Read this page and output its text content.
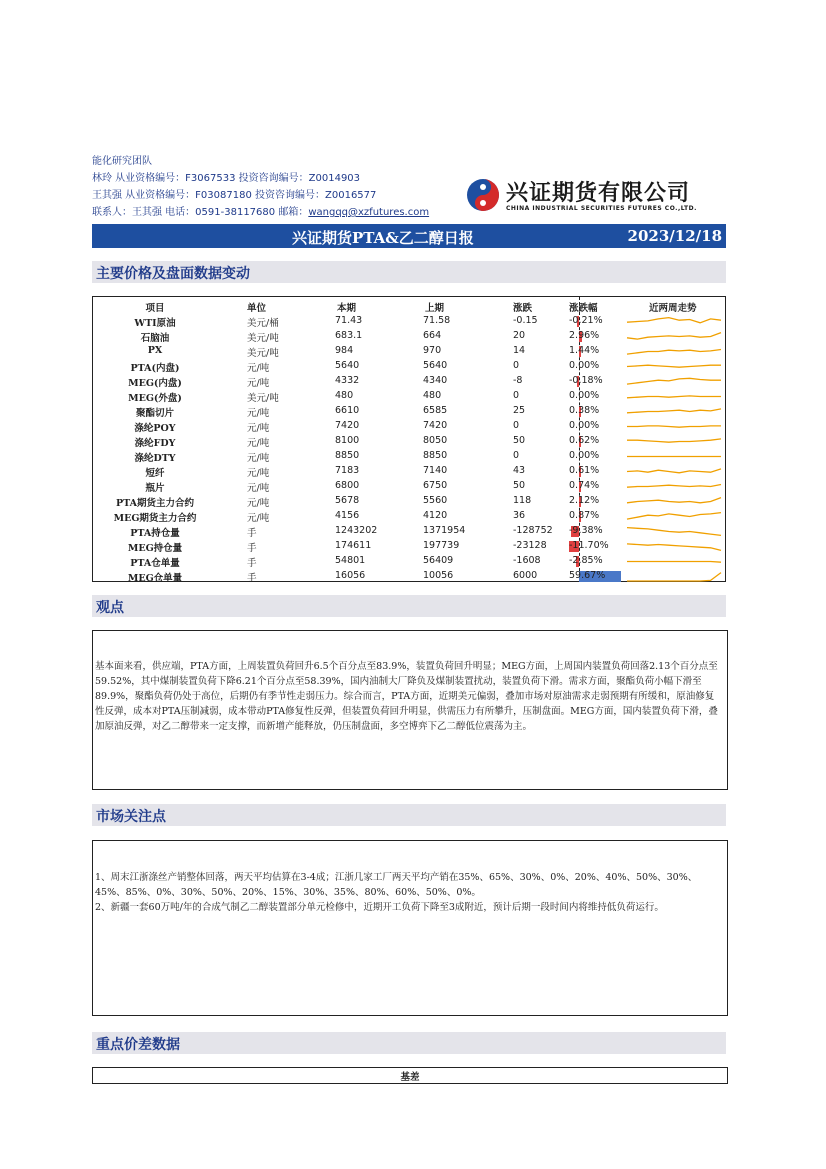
能化研究团队
林玲 从业资格编号：F3067533 投资咨询编号：Z0014903
王其强 从业资格编号：F03087180 投资咨询编号：Z0016577
联系人：王其强 电话：0591-38117680 邮箱：wangqq@xzfutures.com
兴证期货有限公司
CHINA INDUSTRIAL SECURITIES FUTURES CO.,LTD.
兴证期货PTA&乙二醇日报	2023/12/18
主要价格及盘面数据变动
项目	单位	本期	上期	涨跌	涨跌幅	近两周走势
WTI原油	美元/桶	71.43	71.58	-0.15	-0.21%
石脑油	美元/吨	683.1	664	20	2.96%
PX	美元/吨	984	970	14	1.44%
PTA(内盘)	元/吨	5640	5640	0	0.00%
MEG(内盘)	元/吨	4332	4340	-8	-0.18%
MEG(外盘)	美元/吨	480	480	0	0.00%
聚酯切片	元/吨	6610	6585	25	0.38%
涤纶POY	元/吨	7420	7420	0	0.00%
涤纶FDY	元/吨	8100	8050	50	0.62%
涤纶DTY	元/吨	8850	8850	0	0.00%
短纤	元/吨	7183	7140	43	0.61%
瓶片	元/吨	6800	6750	50	0.74%
PTA期货主力合约	元/吨	5678	5560	118	2.12%
MEG期货主力合约	元/吨	4156	4120	36	0.87%
PTA持仓量	手	1243202	1371954	-128752 -9.38%
MEG持仓量	手	174611	197739	-23128 -11.70%
PTA仓单量	手	54801	56409	-1608	-2.85%
MEG仓单量	手	16056	10056	6000	59.67%
观点
基本面来看，供应端，PTA方面，上周装置负荷回升6.5个百分点至83.9%，装置负荷回升明显；MEG方面，上周国内装置负荷回落2.13个百分点至59.52%，其中煤制装置负荷下降6.21个百分点至58.39%，国内油制大厂降负及煤制装置扰动，装置负荷下滑。需求方面，聚酯负荷小幅下滑至89.9%，聚酯负荷仍处于高位，后期仍有季节性走弱压力。综合而言，PTA方面，近期美元偏弱，叠加市场对原油需求走弱预期有所缓和，原油修复性反弹，成本对PTA压制减弱，成本带动PTA修复性反弹，但装置负荷回升明显，供需压力有所攀升，压制盘面。MEG方面，国内装置负荷下滑，叠加原油反弹，对乙二醇带来一定支撑，而新增产能释放，仍压制盘面，多空博弈下乙二醇低位震荡为主。
市场关注点
1、周末江浙涤丝产销整体回落，两天平均估算在3-4成；江浙几家工厂两天平均产销在35%、65%、30%、0%、20%、40%、50%、30%、45%、85%、0%、30%、50%、20%、15%、30%、35%、80%、60%、50%、0%。
2、新疆一套60万吨/年的合成气制乙二醇装置部分单元检修中，近期开工负荷下降至3成附近，预计后期一段时间内将维持低负荷运行。
重点价差数据
基差
